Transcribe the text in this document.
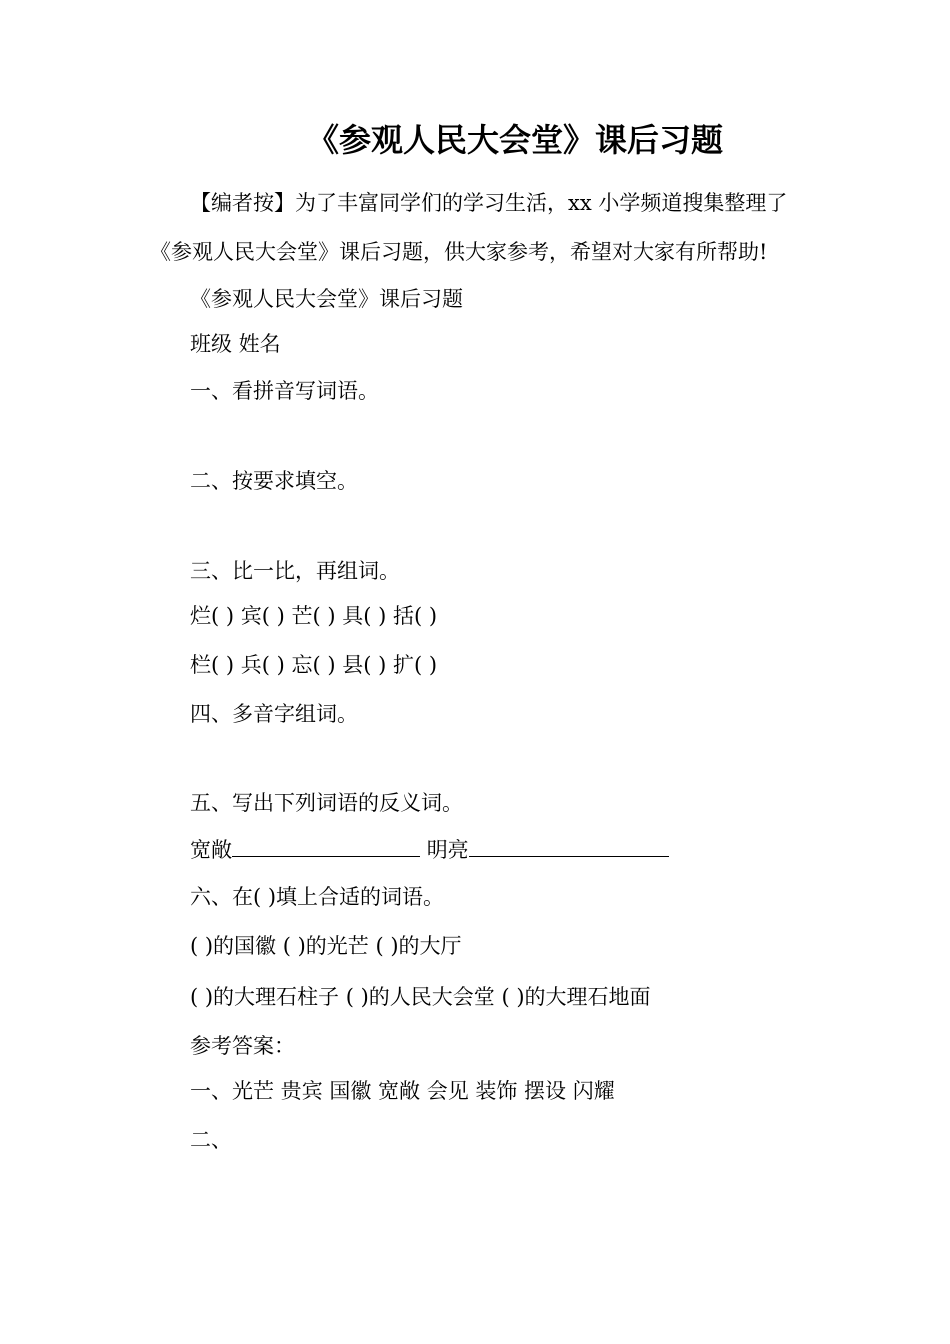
《参观人民大会堂》课后习题
【编者按】为了丰富同学们的学习生活，xx 小学频道搜集整理了
《参观人民大会堂》课后习题，供大家参考，希望对大家有所帮助!
《参观人民大会堂》课后习题
班级 姓名
一、看拼音写词语。
二、按要求填空。
三、比一比，再组词。
烂( ) 宾( ) 芒( ) 具( ) 括( )
栏( ) 兵( ) 忘( ) 县( ) 扩( )
四、多音字组词。
五、写出下列词语的反义词。
宽敞	明亮
六、在( )填上合适的词语。
( )的国徽 ( )的光芒 ( )的大厅
( )的大理石柱子 ( )的人民大会堂 ( )的大理石地面
参考答案：
一、光芒 贵宾 国徽 宽敞 会见 装饰 摆设 闪耀
二、
